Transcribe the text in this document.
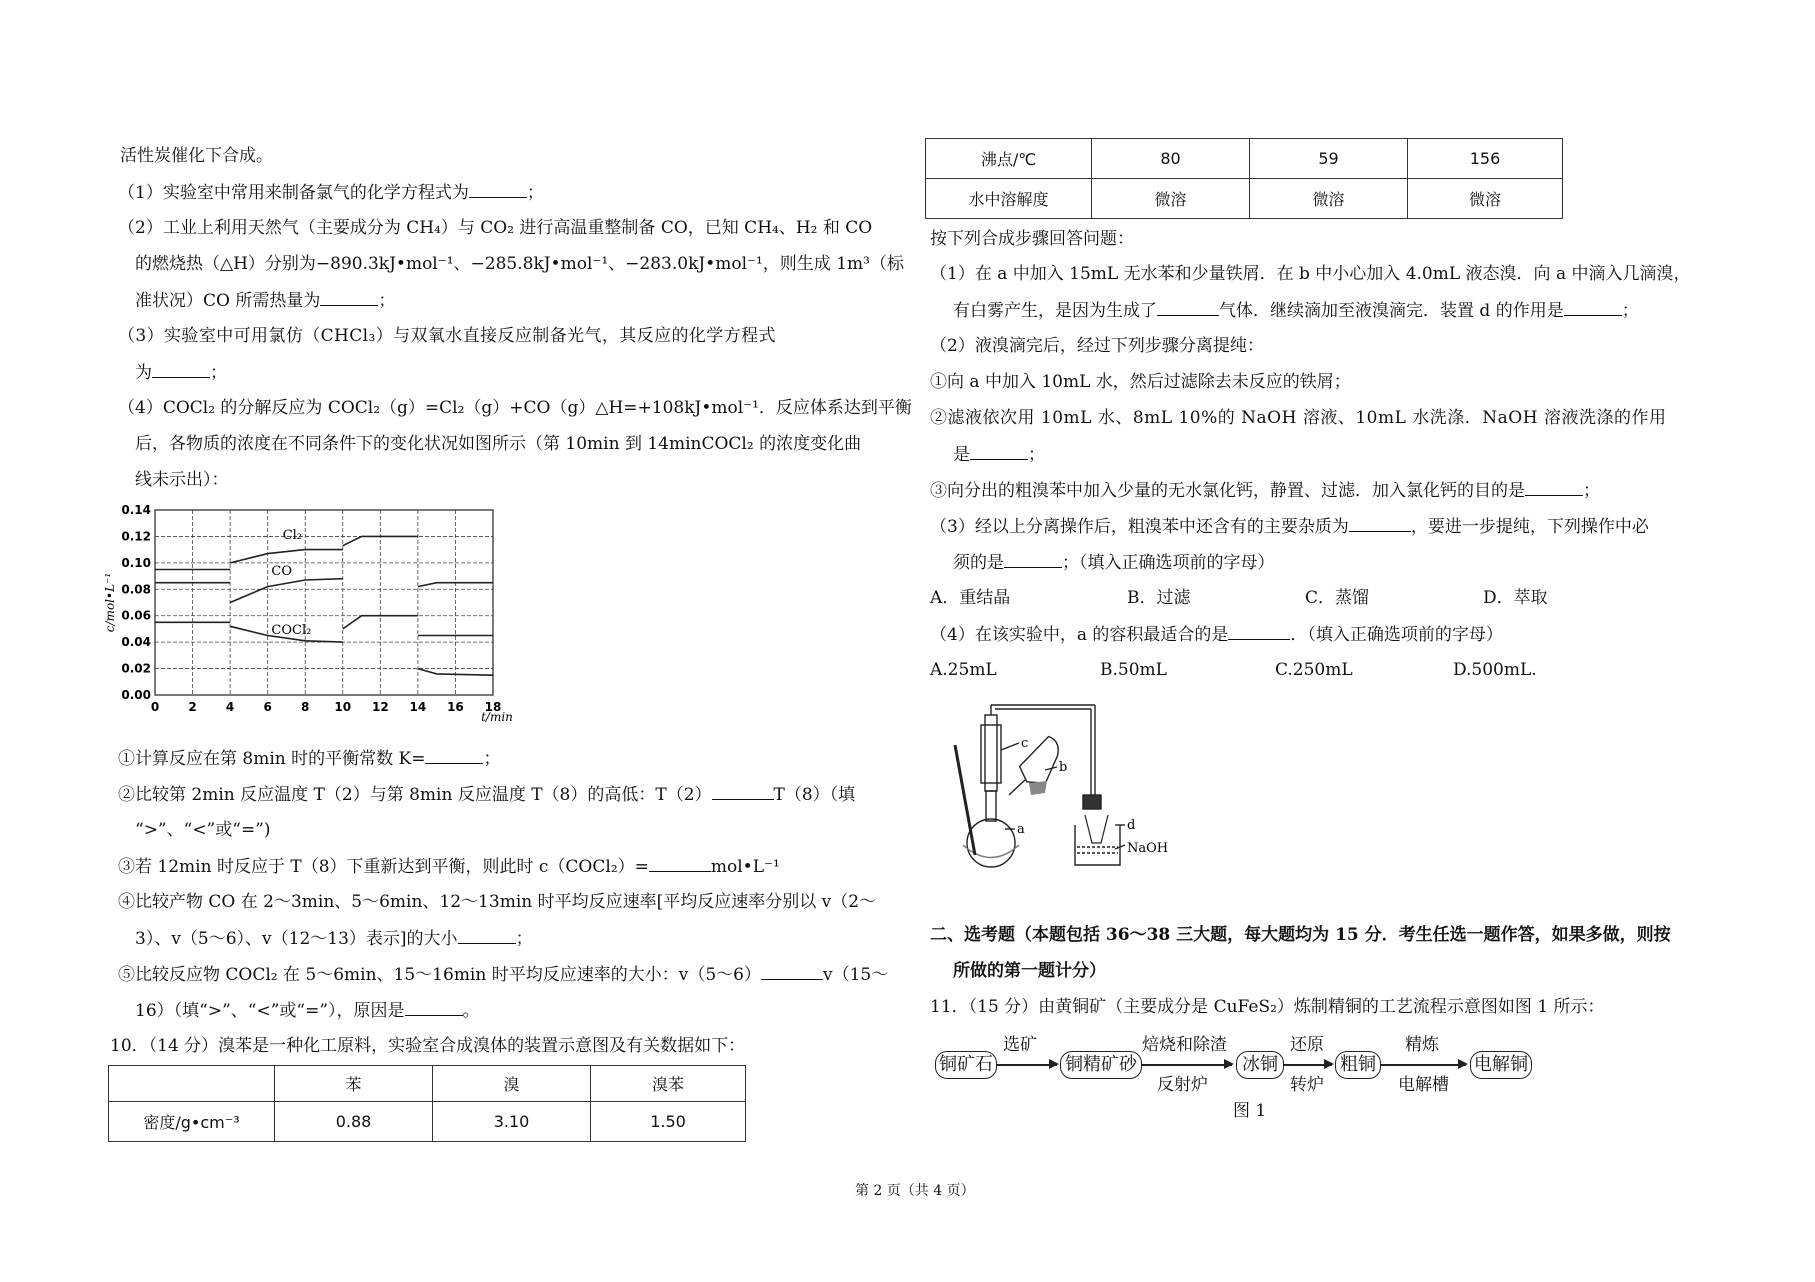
活性炭催化下合成。
（1）实验室中常用来制备氯气的化学方程式为	；
（2）工业上利用天然气（主要成分为 CH₄）与 CO₂ 进行高温重整制备 CO，已知 CH₄、H₂ 和 CO
的燃烧热（△H）分别为−890.3kJ•mol⁻¹、−285.8kJ•mol⁻¹、−283.0kJ•mol⁻¹，则生成 1m³（标
准状况）CO 所需热量为	；
（3）实验室中可用氯仿（CHCl₃）与双氧水直接反应制备光气，其反应的化学方程式
为	；
（4）COCl₂ 的分解反应为 COCl₂（g）=Cl₂（g）+CO（g）△H=+108kJ•mol⁻¹．反应体系达到平衡
后，各物质的浓度在不同条件下的变化状况如图所示（第 10min 到 14minCOCl₂ 的浓度变化曲
线未示出）：
0 2 4 6 8 10 12 14 16 18
0.00
0.02
0.04
0.06
0.08
0.10
0.12
0.14
c/mol•L⁻¹
t/min
Cl₂
CO
COCl₂
①计算反应在第 8min 时的平衡常数 K=	；
②比较第 2min 反应温度 T（2）与第 8min 反应温度 T（8）的高低：T（2）	T（8）（填
“>”、“<”或“=”)
③若 12min 时反应于 T（8）下重新达到平衡，则此时 c（COCl₂）=	mol•L⁻¹
④比较产物 CO 在 2～3min、5～6min、12～13min 时平均反应速率[平均反应速率分别以 v（2～
3）、v（5～6）、v（12～13）表示]的大小	；
⑤比较反应物 COCl₂ 在 5～6min、15～16min 时平均反应速率的大小：v（5～6）	v（15～
16）（填“>”、“<”或“=”），原因是	。
10．（14 分）溴苯是一种化工原料，实验室合成溴体的装置示意图及有关数据如下：
	苯	溴	溴苯
密度/g•cm⁻³	0.88	3.10	1.50
沸点/℃	80	59	156
水中溶解度	微溶	微溶	微溶
按下列合成步骤回答问题：
（1）在 a 中加入 15mL 无水苯和少量铁屑．在 b 中小心加入 4.0mL 液态溴．向 a 中滴入几滴溴，
有白雾产生，是因为生成了	气体．继续滴加至液溴滴完．装置 d 的作用是	；
（2）液溴滴完后，经过下列步骤分离提纯：
①向 a 中加入 10mL 水，然后过滤除去未反应的铁屑；
②滤液依次用 10mL 水、8mL 10%的 NaOH 溶液、10mL 水洗涤．NaOH 溶液洗涤的作用
是	；
③向分出的粗溴苯中加入少量的无水氯化钙，静置、过滤．加入氯化钙的目的是	；
（3）经以上分离操作后，粗溴苯中还含有的主要杂质为	，要进一步提纯，下列操作中必
须的是	；（填入正确选项前的字母）
A．重结晶	B．过滤	C．蒸馏	D．萃取
（4）在该实验中，a 的容积最适合的是	．（填入正确选项前的字母）
A.25mL	B.50mL	C.250mL	D.500mL.
c
b
a	d
NaOH
二、选考题（本题包括 36～38 三大题，每大题均为 15 分．考生任选一题作答，如果多做，则按
所做的第一题计分）
11．（15 分）由黄铜矿（主要成分是 CuFeS₂）炼制精铜的工艺流程示意图如图 1 所示：
铜矿石
选矿
铜精矿砂
焙烧和除渣
反射炉
冰铜
还原
转炉
粗铜
精炼
电解槽
电解铜
图 1
第 2 页（共 4 页）
